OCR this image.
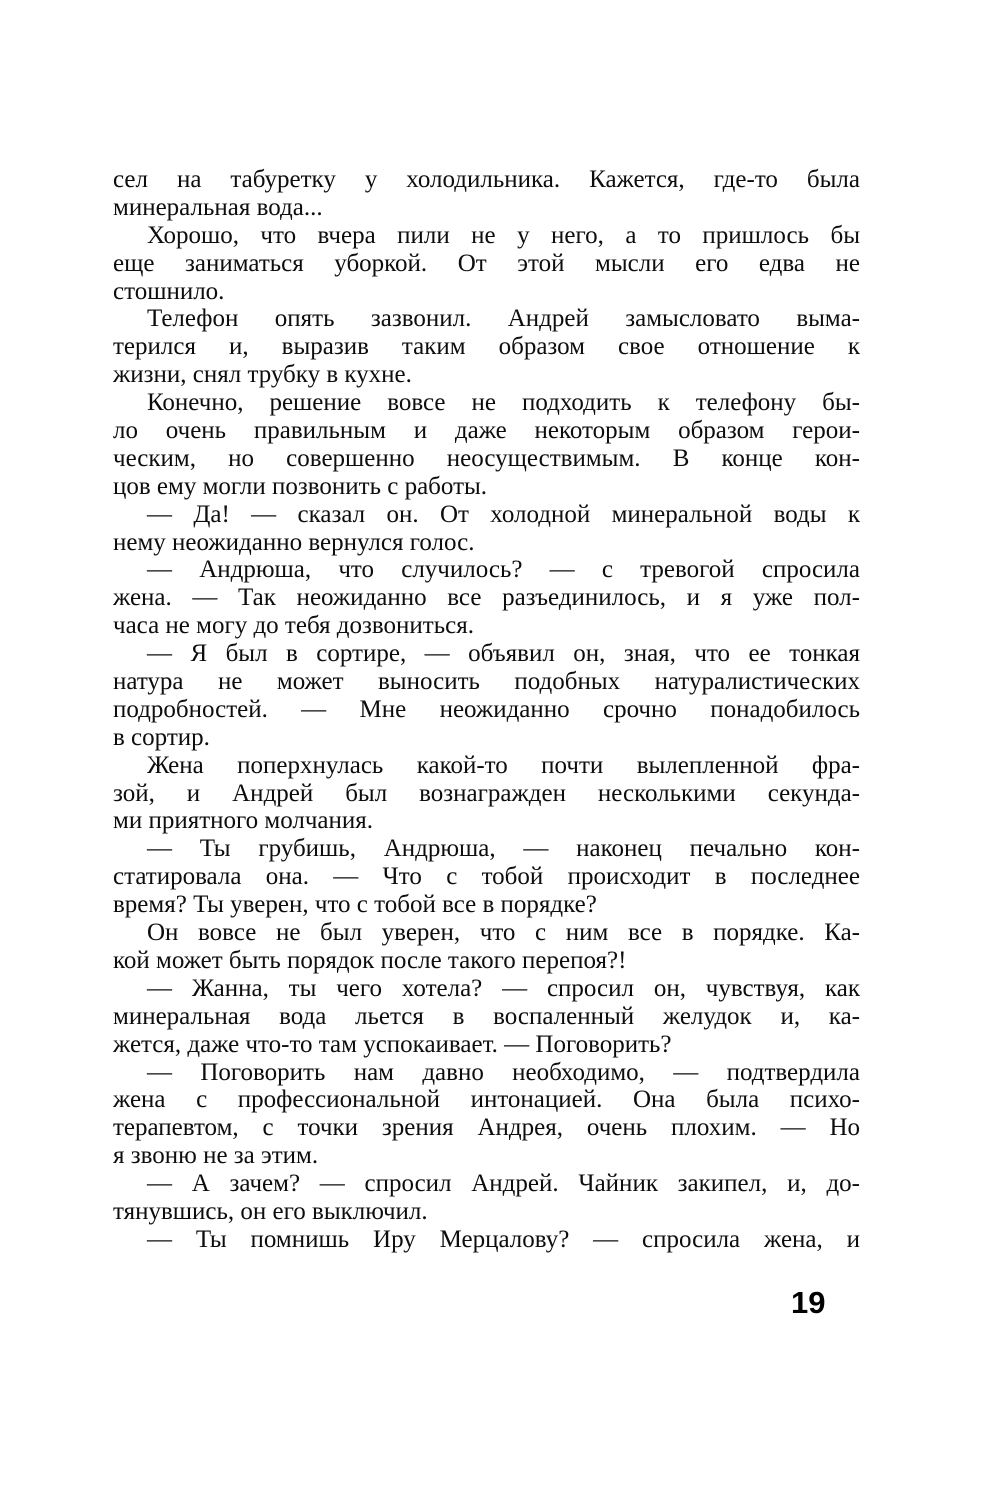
сел на табуретку у холодильника. Кажется, где-то была
минеральная вода...
Хорошо, что вчера пили не у него, а то пришлось бы
еще заниматься уборкой. От этой мысли его едва не
стошнило.
Телефон опять зазвонил. Андрей замысловато выма-
терился и, выразив таким образом свое отношение к
жизни, снял трубку в кухне.
Конечно, решение вовсе не подходить к телефону бы-
ло очень правильным и даже некоторым образом герои-
ческим, но совершенно неосуществимым. В конце кон-
цов ему могли позвонить с работы.
— Да! — сказал он. От холодной минеральной воды к
нему неожиданно вернулся голос.
— Андрюша, что случилось? — с тревогой спросила
жена. — Так неожиданно все разъединилось, и я уже пол-
часа не могу до тебя дозвониться.
— Я был в сортире, — объявил он, зная, что ее тонкая
натура не может выносить подобных натуралистических
подробностей. — Мне неожиданно срочно понадобилось
в сортир.
Жена поперхнулась какой-то почти вылепленной фра-
зой, и Андрей был вознагражден несколькими секунда-
ми приятного молчания.
— Ты грубишь, Андрюша, — наконец печально кон-
статировала она. — Что с тобой происходит в последнее
время? Ты уверен, что с тобой все в порядке?
Он вовсе не был уверен, что с ним все в порядке. Ка-
кой может быть порядок после такого перепоя?!
— Жанна, ты чего хотела? — спросил он, чувствуя, как
минеральная вода льется в воспаленный желудок и, ка-
жется, даже что-то там успокаивает. — Поговорить?
— Поговорить нам давно необходимо, — подтвердила
жена с профессиональной интонацией. Она была психо-
терапевтом, с точки зрения Андрея, очень плохим. — Но
я звоню не за этим.
— А зачем? — спросил Андрей. Чайник закипел, и, до-
тянувшись, он его выключил.
— Ты помнишь Иру Мерцалову? — спросила жена, и
19
